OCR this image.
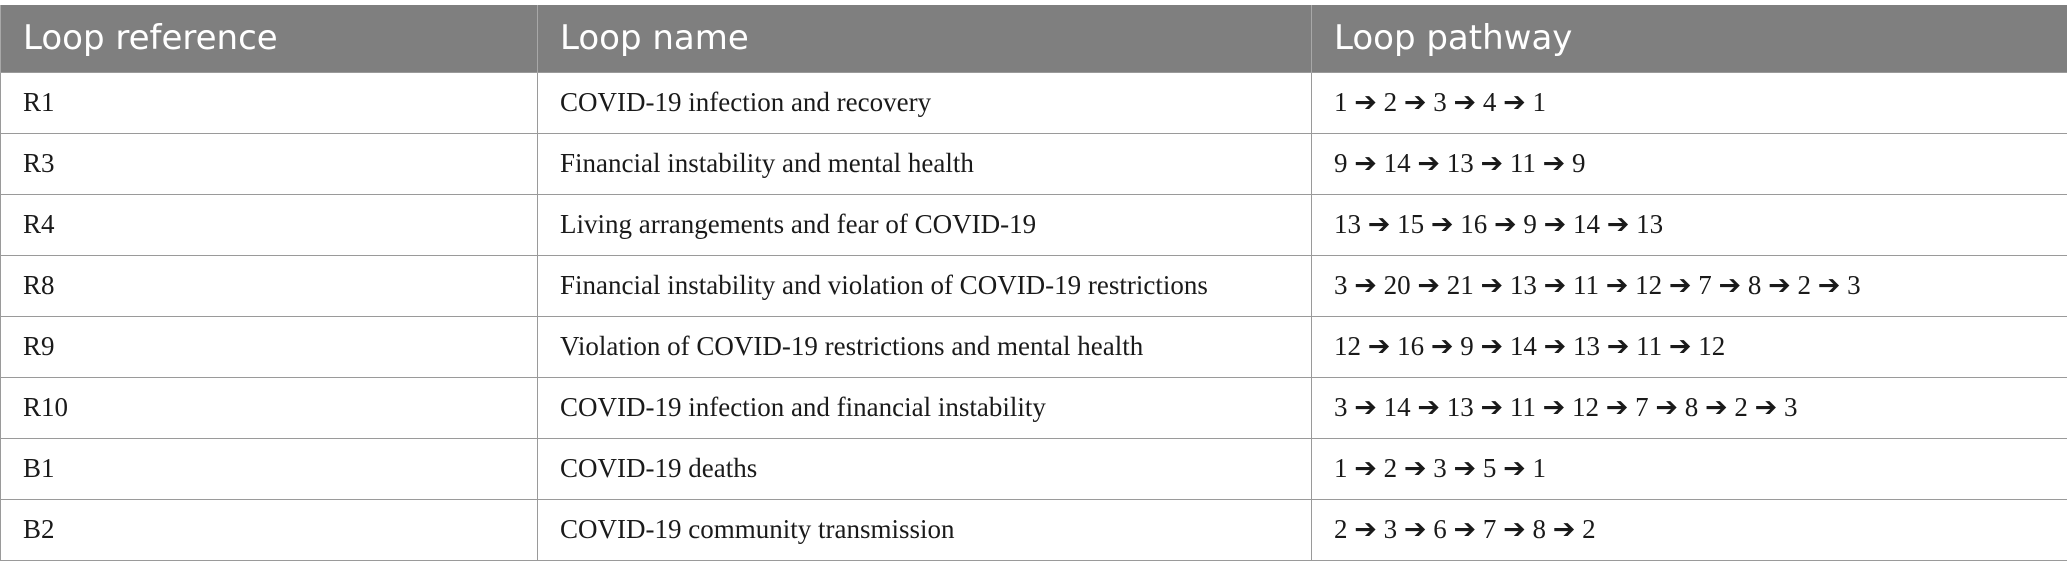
Loop reference	Loop name	Loop pathway
R1	COVID-19 infection and recovery	1 ➔ 2 ➔ 3 ➔ 4 ➔ 1
R3	Financial instability and mental health	9 ➔ 14 ➔ 13 ➔ 11 ➔ 9
R4	Living arrangements and fear of COVID-19	13 ➔ 15 ➔ 16 ➔ 9 ➔ 14 ➔ 13
R8	Financial instability and violation of COVID-19 restrictions	3 ➔ 20 ➔ 21 ➔ 13 ➔ 11 ➔ 12 ➔ 7 ➔ 8 ➔ 2 ➔ 3
R9	Violation of COVID-19 restrictions and mental health	12 ➔ 16 ➔ 9 ➔ 14 ➔ 13 ➔ 11 ➔ 12
R10	COVID-19 infection and financial instability	3 ➔ 14 ➔ 13 ➔ 11 ➔ 12 ➔ 7 ➔ 8 ➔ 2 ➔ 3
B1	COVID-19 deaths	1 ➔ 2 ➔ 3 ➔ 5 ➔ 1
B2	COVID-19 community transmission	2 ➔ 3 ➔ 6 ➔ 7 ➔ 8 ➔ 2
